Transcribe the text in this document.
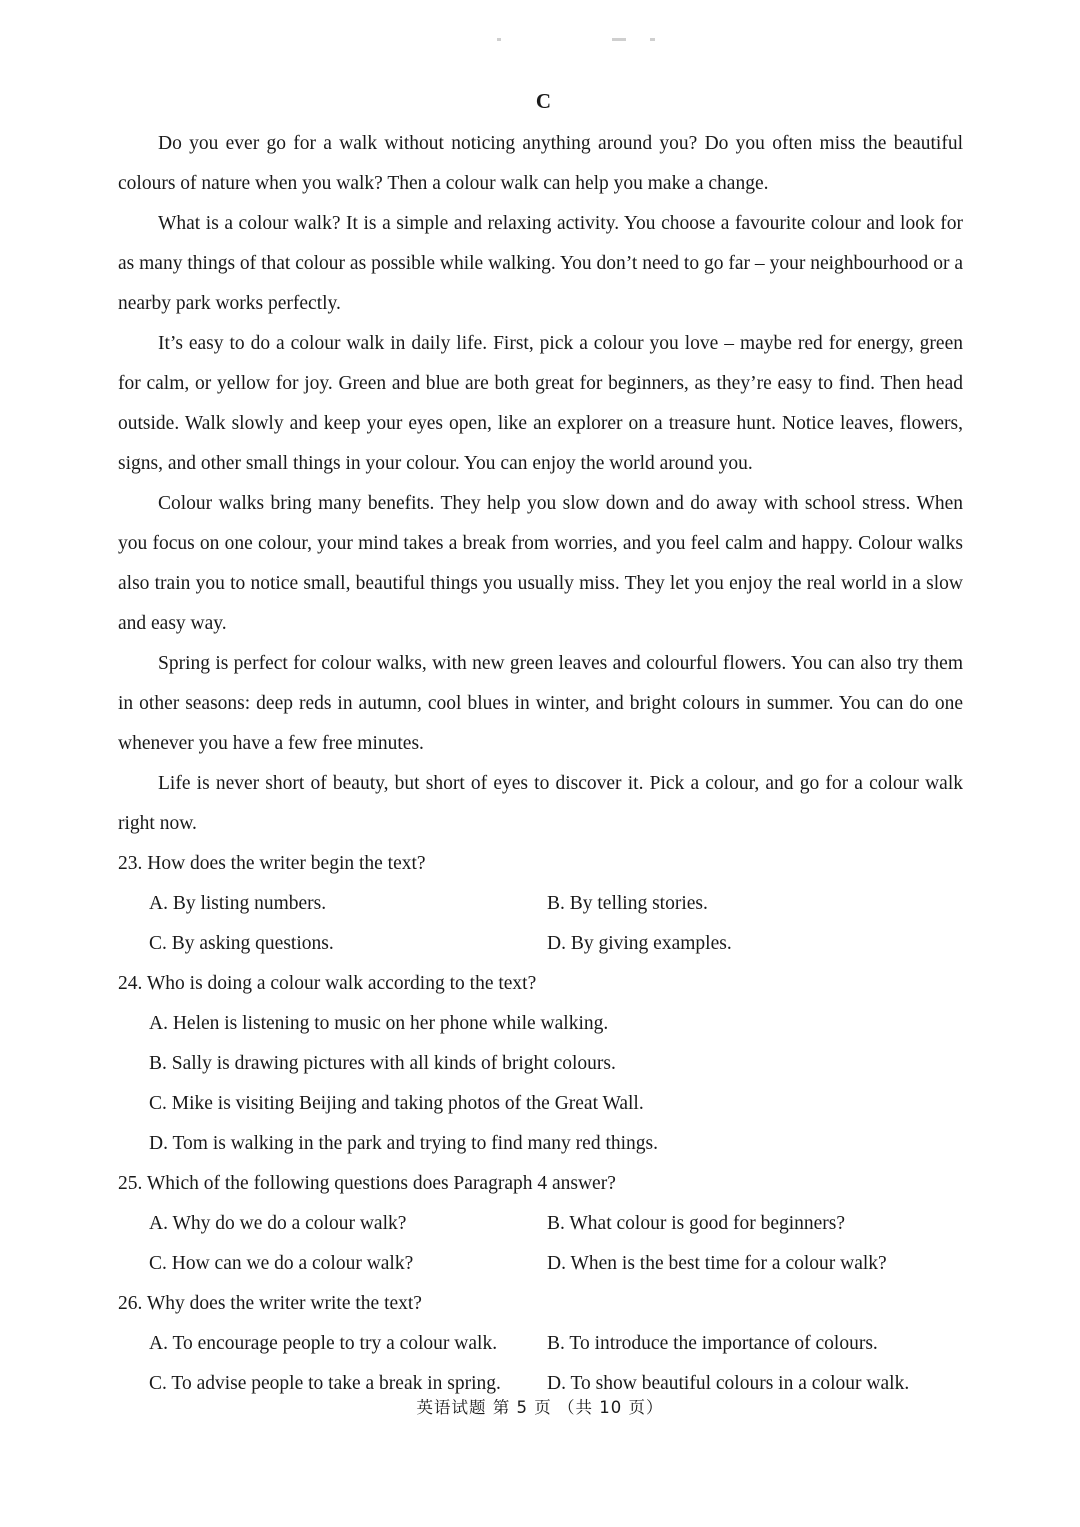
C

Do you ever go for a walk without noticing anything around you? Do you often miss the beautiful colours of nature when you walk? Then a colour walk can help you make a change.

What is a colour walk? It is a simple and relaxing activity. You choose a favourite colour and look for as many things of that colour as possible while walking. You don’t need to go far – your neighbourhood or a nearby park works perfectly.

It’s easy to do a colour walk in daily life. First, pick a colour you love – maybe red for energy, green for calm, or yellow for joy. Green and blue are both great for beginners, as they’re easy to find. Then head outside. Walk slowly and keep your eyes open, like an explorer on a treasure hunt. Notice leaves, flowers, signs, and other small things in your colour. You can enjoy the world around you.

Colour walks bring many benefits. They help you slow down and do away with school stress. When you focus on one colour, your mind takes a break from worries, and you feel calm and happy. Colour walks also train you to notice small, beautiful things you usually miss. They let you enjoy the real world in a slow and easy way.

Spring is perfect for colour walks, with new green leaves and colourful flowers. You can also try them in other seasons: deep reds in autumn, cool blues in winter, and bright colours in summer. You can do one whenever you have a few free minutes.

Life is never short of beauty, but short of eyes to discover it. Pick a colour, and go for a colour walk right now.

23. How does the writer begin the text?
A. By listing numbers.	B. By telling stories.
C. By asking questions.	D. By giving examples.
24. Who is doing a colour walk according to the text?
A. Helen is listening to music on her phone while walking.
B. Sally is drawing pictures with all kinds of bright colours.
C. Mike is visiting Beijing and taking photos of the Great Wall.
D. Tom is walking in the park and trying to find many red things.
25. Which of the following questions does Paragraph 4 answer?
A. Why do we do a colour walk?	B. What colour is good for beginners?
C. How can we do a colour walk?	D. When is the best time for a colour walk?
26. Why does the writer write the text?
A. To encourage people to try a colour walk.	B. To introduce the importance of colours.
C. To advise people to take a break in spring.	D. To show beautiful colours in a colour walk.
英语试题 第 5 页 （共 10 页）
